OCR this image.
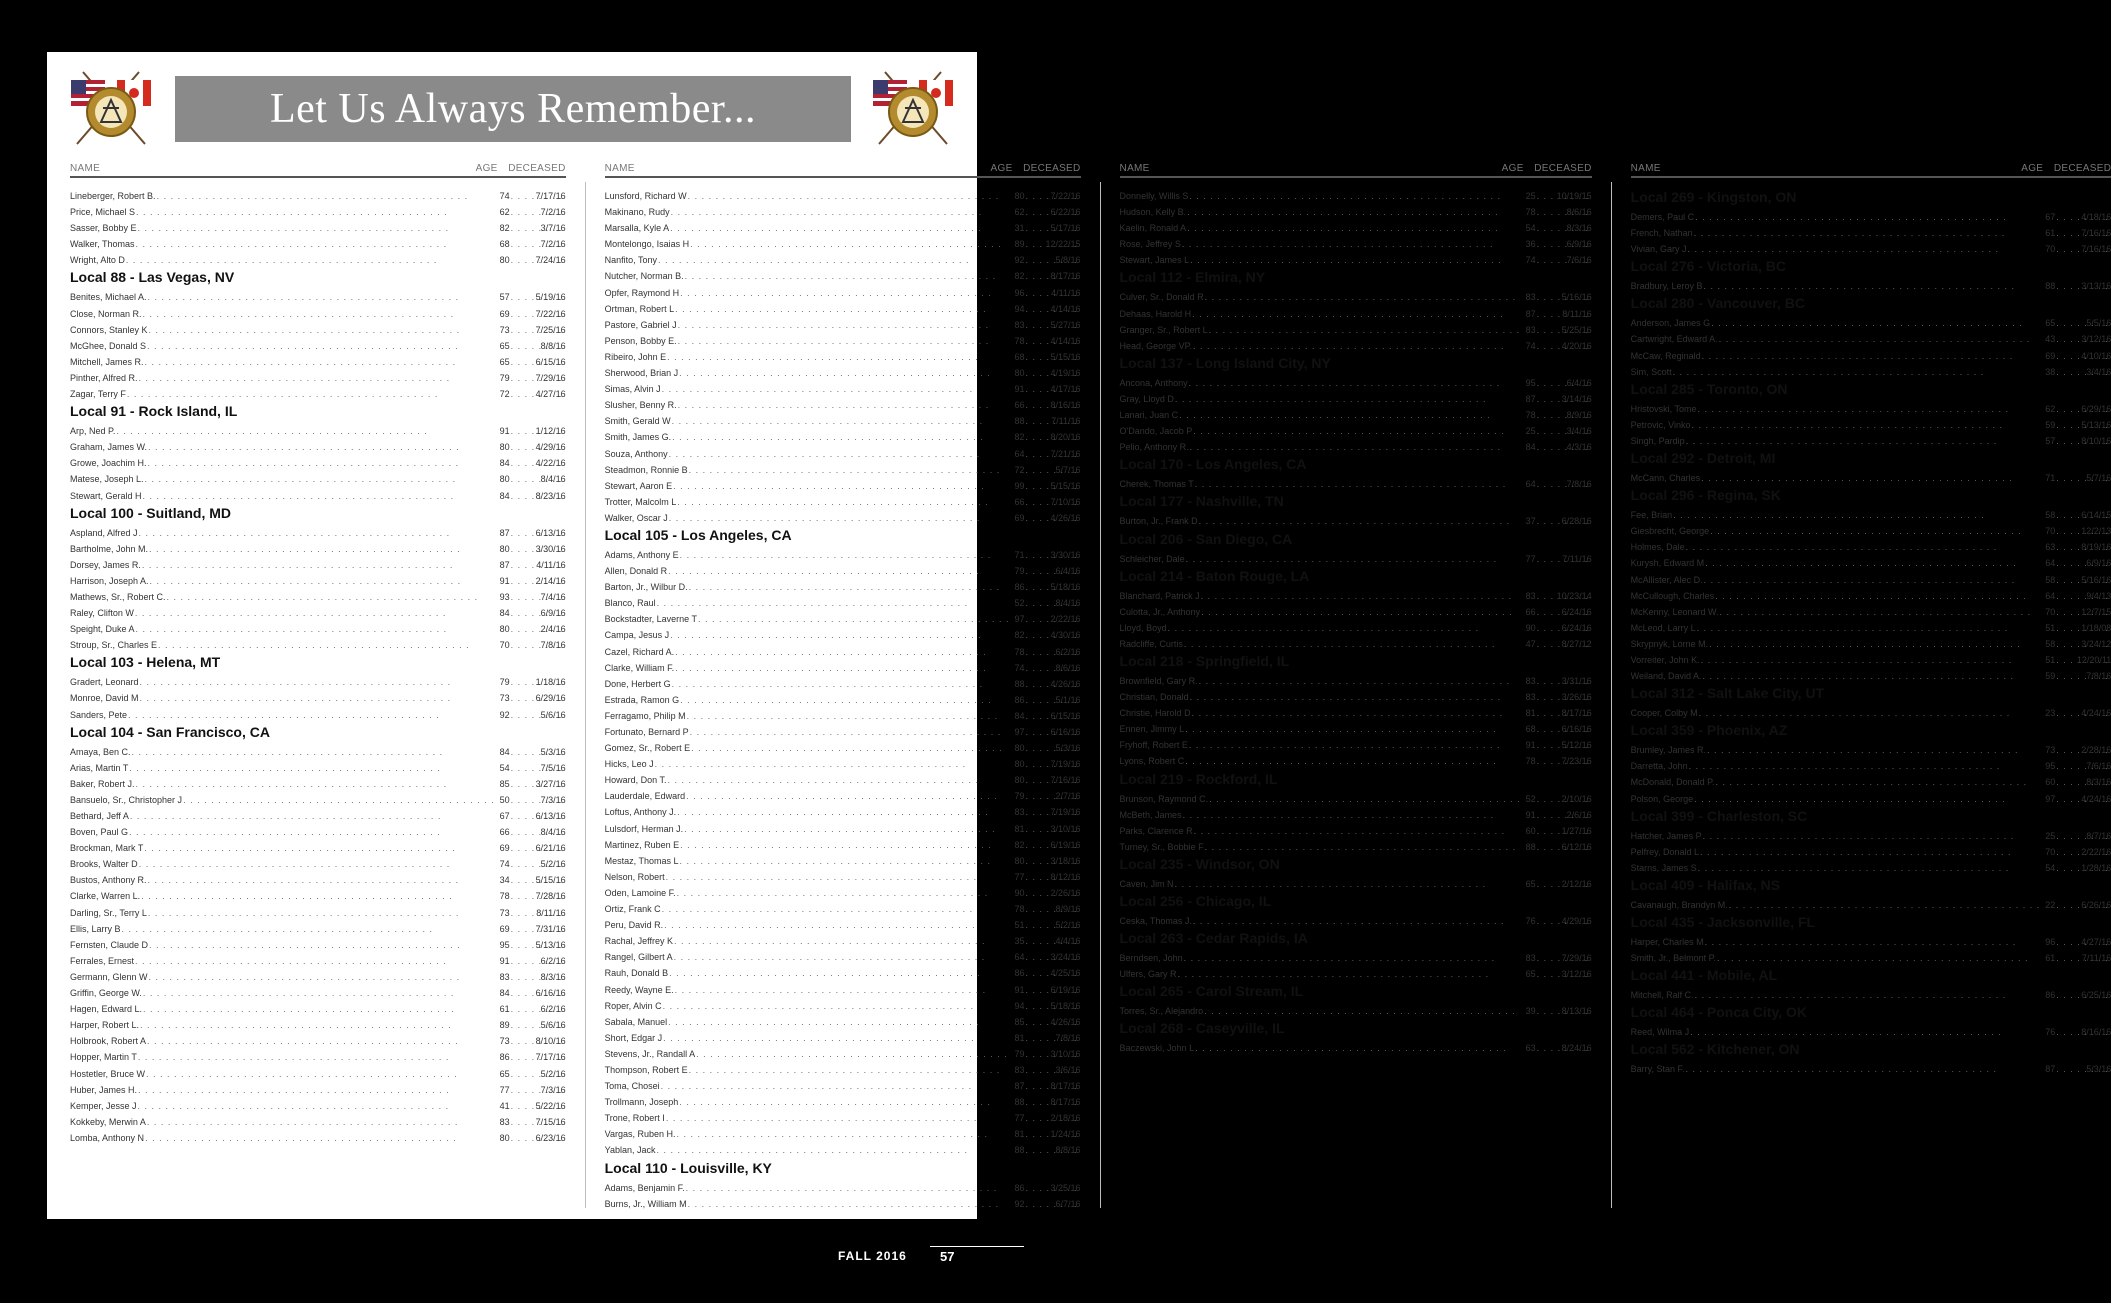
Let Us Always Remember...
NAME	AGE	DECEASED
Lineberger, Robert B. . . .	74 . . .	7/17/16
Price, Michael S . . .	62 . . .	7/2/16
Sasser, Bobby E . . .	82 . . .	3/7/16
Walker, Thomas . . .	68 . . .	7/2/16
Wright, Alto D . . .	80 . . .	7/24/16
Local 88 - Las Vegas, NV
Benites, Michael A. . . .	57 . . .	5/19/16
Close, Norman R. . . .	69 . . .	7/22/16
Connors, Stanley K . . .	73 . . .	7/25/16
McGhee, Donald S . . .	65 . . .	8/8/16
Mitchell, James R. . . .	65 . . .	6/15/16
Pinther, Alfred R. . . .	79 . . .	7/29/16
Zagar, Terry F . . .	72 . . .	4/27/16
Local 91 - Rock Island, IL
Arp, Ned P. . . .	91 . . .	1/12/16
Graham, James W. . . .	80 . . .	4/29/16
Growe, Joachim H. . . .	84 . . .	4/22/16
Matese, Joseph L. . . .	80 . . .	8/4/16
Stewart, Gerald H . . .	84 . . .	8/23/16
Local 100 - Suitland, MD
Aspland, Alfred J . . .	87 . . .	6/13/16
Bartholme, John M. . . .	80 . . .	3/30/16
Dorsey, James R. . . .	87 . . .	4/11/16
Harrison, Joseph A. . . .	91 . . .	2/14/16
Mathews, Sr., Robert C. . . .	93 . . .	7/4/16
Raley, Clifton W . . .	84 . . .	6/9/16
Speight, Duke A . . .	80 . . .	2/4/16
Stroup, Sr., Charles E . . .	70 . . .	7/8/16
Local 103 - Helena, MT
Gradert, Leonard . . .	79 . . .	1/18/16
Monroe, David M . . .	73 . . .	6/29/16
Sanders, Pete . . .	92 . . .	5/6/16
Local 104 - San Francisco, CA
Amaya, Ben C. . . .	84 . . .	5/3/16
Arias, Martin T . . .	54 . . .	7/5/16
Baker, Robert J. . . .	85 . . .	3/27/16
Bansuelo, Sr., Christopher J . . .	50 . . .	7/3/16
Bethard, Jeff A . . .	67 . . .	6/13/16
Boven, Paul G . . .	66 . . .	8/4/16
Brockman, Mark T . . .	69 . . .	6/21/16
Brooks, Walter D . . .	74 . . .	5/2/16
Bustos, Anthony R. . . .	34 . . .	5/15/16
Clarke, Warren L. . . .	78 . . .	7/28/16
Darling, Sr., Terry L . . .	73 . . .	8/11/16
Ellis, Larry B . . .	69 . . .	7/31/16
Fernsten, Claude D . . .	95 . . .	5/13/16
Ferrales, Ernest . . .	91 . . .	6/2/16
Germann, Glenn W . . .	83 . . .	8/3/16
Griffin, George W. . . .	84 . . .	6/16/16
Hagen, Edward L. . . .	61 . . .	6/2/16
Harper, Robert L. . . .	89 . . .	5/6/16
Holbrook, Robert A . . .	73 . . .	8/10/16
Hopper, Martin T . . .	86 . . .	7/17/16
Hostetler, Bruce W . . .	65 . . .	5/2/16
Huber, James H. . . .	77 . . .	7/3/16
Kemper, Jesse J . . .	41 . . .	5/22/16
Kokkeby, Merwin A . . .	83 . . .	7/15/16
Lomba, Anthony N . . .	80 . . .	6/23/16
NAME	AGE	DECEASED
Lunsford, Richard W . . .	80 . . .	7/22/16
Makinano, Rudy . . .	62 . . .	6/22/16
Marsalla, Kyle A . . .	31 . . .	5/17/16
Montelongo, Isaias H . . .	89 . . .	12/22/15
Nanfito, Tony . . .	92 . . .	5/8/16
Nutcher, Norman B. . . .	82 . . .	8/17/16
Opfer, Raymond H . . .	96 . . .	4/11/16
Ortman, Robert L . . .	94 . . .	4/14/16
Pastore, Gabriel J . . .	83 . . .	5/27/16
Penson, Bobby E. . . .	78 . . .	4/14/16
Ribeiro, John E . . .	68 . . .	5/15/16
Sherwood, Brian J . . .	80 . . .	4/19/16
Simas, Alvin J . . .	91 . . .	4/17/16
Slusher, Benny R. . . .	66 . . .	8/16/16
Smith, Gerald W . . .	88 . . .	7/11/16
Smith, James G. . . .	82 . . .	8/20/16
Souza, Anthony . . .	64 . . .	7/21/16
Steadmon, Ronnie B . . .	72 . . .	5/7/16
Stewart, Aaron E . . .	99 . . .	5/15/16
Trotter, Malcolm L . . .	66 . . .	7/10/16
Walker, Oscar J . . .	69 . . .	4/26/16
Local 105 - Los Angeles, CA
Adams, Anthony E . . .	71 . . .	3/30/16
Allen, Donald R . . .	79 . . .	6/4/16
Barton, Jr., Wilbur D. . . .	86 . . .	5/18/16
Blanco, Raul . . .	52 . . .	8/4/16
Bockstadter, Laverne T . . .	97 . . .	2/22/16
Campa, Jesus J . . .	82 . . .	4/30/16
Cazel, Richard A. . . .	78 . . .	6/2/16
Clarke, William F. . . .	74 . . .	8/6/16
Done, Herbert G . . .	88 . . .	4/26/16
Estrada, Ramon G . . .	86 . . .	5/1/16
Ferragamo, Philip M . . .	84 . . .	6/15/16
Fortunato, Bernard P . . .	97 . . .	6/16/16
Gomez, Sr., Robert E . . .	80 . . .	5/3/16
Hicks, Leo J . . .	80 . . .	7/19/16
Howard, Don T. . . .	80 . . .	7/16/16
Lauderdale, Edward . . .	79 . . .	2/7/16
Loftus, Anthony J. . . .	83 . . .	7/19/16
Lulsdorf, Herman J. . . .	81 . . .	3/10/16
Martinez, Ruben E . . .	82 . . .	6/19/16
Mestaz, Thomas L . . .	80 . . .	3/18/16
Nelson, Robert . . .	77 . . .	8/12/16
Oden, Lamoine F. . . .	90 . . .	2/26/16
Ortiz, Frank C . . .	78 . . .	8/9/16
Peru, David R. . . .	51 . . .	5/2/16
Rachal, Jeffrey K . . .	35 . . .	4/4/16
Rangel, Gilbert A . . .	64 . . .	3/24/16
Rauh, Donald B . . .	86 . . .	4/25/16
Reedy, Wayne E. . . .	91 . . .	6/19/16
Roper, Alvin C . . .	94 . . .	5/18/16
Sabala, Manuel . . .	85 . . .	4/26/16
Short, Edgar J . . .	81 . . .	7/8/16
Stevens, Jr., Randall A . . .	79 . . .	3/10/16
Thompson, Robert E . . .	83 . . .	3/6/16
Toma, Chosei . . .	87 . . .	8/17/16
Trollmann, Joseph . . .	88 . . .	8/17/16
Trone, Robert I . . .	77 . . .	2/18/16
Vargas, Ruben H. . . .	81 . . .	1/24/16
Yablan, Jack . . .	88 . . .	8/8/16
Local 110 - Louisville, KY
Adams, Benjamin F. . . .	86 . . .	3/25/16
Burns, Jr., William M . . .	92 . . .	6/7/16
NAME	AGE	DECEASED
Donnelly, Willis S . . .	25 . . .	10/19/15
Hudson, Kelly B. . . .	78 . . .	8/6/16
Kaelin, Ronald A . . .	54 . . .	8/3/16
Rose, Jeffrey S . . .	36 . . .	6/9/16
Stewart, James L . . .	74 . . .	7/6/16
Local 112 - Elmira, NY
Culver, Sr., Donald R . . .	83 . . .	5/16/16
Dehaas, Harold H . . .	87 . . .	8/11/16
Granger, Sr., Robert L . . .	83 . . .	5/25/16
Head, George VP. . . .	74 . . .	4/20/16
Local 137 - Long Island City, NY
Ancona, Anthony . . .	95 . . .	6/4/16
Gray, Lloyd D . . .	87 . . .	3/14/16
Lanari, Juan C . . .	78 . . .	8/9/16
O'Dando, Jacob P . . .	25 . . .	3/4/16
Pelio, Anthony R. . . .	84 . . .	4/3/16
Local 170 - Los Angeles, CA
Cherek, Thomas T . . .	64 . . .	7/8/16
Local 177 - Nashville, TN
Burton, Jr., Frank D . . .	37 . . .	6/28/16
Local 206 - San Diego, CA
Schleicher, Dale . . .	77 . . .	7/11/16
Local 214 - Baton Rouge, LA
Blanchard, Patrick J . . .	83 . . .	10/23/14
Culotta, Jr., Anthony . . .	66 . . .	6/24/16
Lloyd, Boyd . . .	90 . . .	6/24/16
Radcliffe, Curtis . . .	47 . . .	8/27/12
Local 218 - Springfield, IL
Brownfield, Gary R. . . .	83 . . .	3/31/16
Christian, Donald . . .	83 . . .	3/26/16
Christie, Harold D . . .	81 . . .	8/17/16
Ennen, Jimmy L . . .	68 . . .	6/16/16
Fryhoff, Robert E . . .	91 . . .	5/12/16
Lyons, Robert C . . .	78 . . .	7/23/16
Local 219 - Rockford, IL
Brunson, Raymond C. . . .	52 . . .	2/10/16
McBeth, James . . .	91 . . .	2/6/16
Parks, Clarence R . . .	60 . . .	1/27/16
Turney, Sr., Bobbie F . . .	88 . . .	6/12/16
Local 235 - Windsor, ON
Caven, Jim N . . .	65 . . .	2/12/16
Local 256 - Chicago, IL
Ceska, Thomas J. . . .	76 . . .	4/29/16
Local 263 - Cedar Rapids, IA
Berndsen, John . . .	83 . . .	7/29/16
Ulfers, Gary R . . .	65 . . .	3/12/16
Local 265 - Carol Stream, IL
Torres, Sr., Alejandro . . .	39 . . .	8/13/16
Local 268 - Caseyville, IL
Baczewski, John L . . .	63 . . .	8/24/16
NAME	AGE	DECEASED
Local 269 - Kingston, ON
Demers, Paul C . . .	67 . . .	4/18/16
French, Nathan . . .	61 . . .	7/16/16
Vivian, Gary J . . .	70 . . .	7/16/16
Local 276 - Victoria, BC
Bradbury, Leroy B . . .	88 . . .	3/13/16
Local 280 - Vancouver, BC
Anderson, James G . . .	65 . . .	5/5/16
Cartwright, Edward A. . . .	43 . . .	3/12/16
McCaw, Reginald . . .	69 . . .	4/10/16
Sim, Scott . . .	38 . . .	3/4/16
Local 285 - Toronto, ON
Hristovski, Tome . . .	62 . . .	6/29/16
Petrovic, Vinko . . .	59 . . .	5/13/16
Singh, Pardip . . .	57 . . .	8/10/16
Local 292 - Detroit, MI
McCann, Charles . . .	71 . . .	5/7/16
Local 296 - Regina, SK
Fee, Brian . . .	58 . . .	6/14/15
Giesbrecht, George . . .	70 . . .	12/2/13
Holmes, Dale . . .	63 . . .	8/19/16
Kurysh, Edward M . . .	64 . . .	6/9/16
McAllister, Alec D. . . .	58 . . .	5/16/16
McCullough, Charles . . .	64 . . .	9/4/13
McKenny, Leonard W. . . .	70 . . .	12/7/15
McLeod, Larry L . . .	51 . . .	1/18/08
Skrypnyk, Lorne M. . . .	58 . . .	3/24/12
Vorreiter, John K. . . .	51 . . .	12/20/11
Weiland, David A. . . .	59 . . .	7/8/16
Local 312 - Salt Lake City, UT
Cooper, Colby M . . .	23 . . .	4/24/16
Local 359 - Phoenix, AZ
Brumley, James R. . . .	73 . . .	2/28/16
Darretta, John . . .	95 . . .	7/6/16
McDonald, Donald P. . . .	60 . . .	8/3/16
Polson, George . . .	97 . . .	4/24/16
Local 399 - Charleston, SC
Hatcher, James P . . .	25 . . .	8/7/16
Pelfrey, Donald L . . .	70 . . .	2/22/16
Starns, James S . . .	54 . . .	1/28/16
Local 409 - Halifax, NS
Cavanaugh, Brandyn M. . . .	22 . . .	6/26/16
Local 435 - Jacksonville, FL
Harper, Charles M . . .	96 . . .	4/27/16
Smith, Jr., Belmont P. . . .	61 . . .	7/11/16
Local 441 - Mobile, AL
Mitchell, Ralf C. . . .	86 . . .	6/25/16
Local 464 - Ponca City, OK
Reed, Wilma J . . .	76 . . .	8/16/16
Local 562 - Kitchener, ON
Barry, Stan F. . . .	87 . . .	5/3/16
FALL 2016	57
